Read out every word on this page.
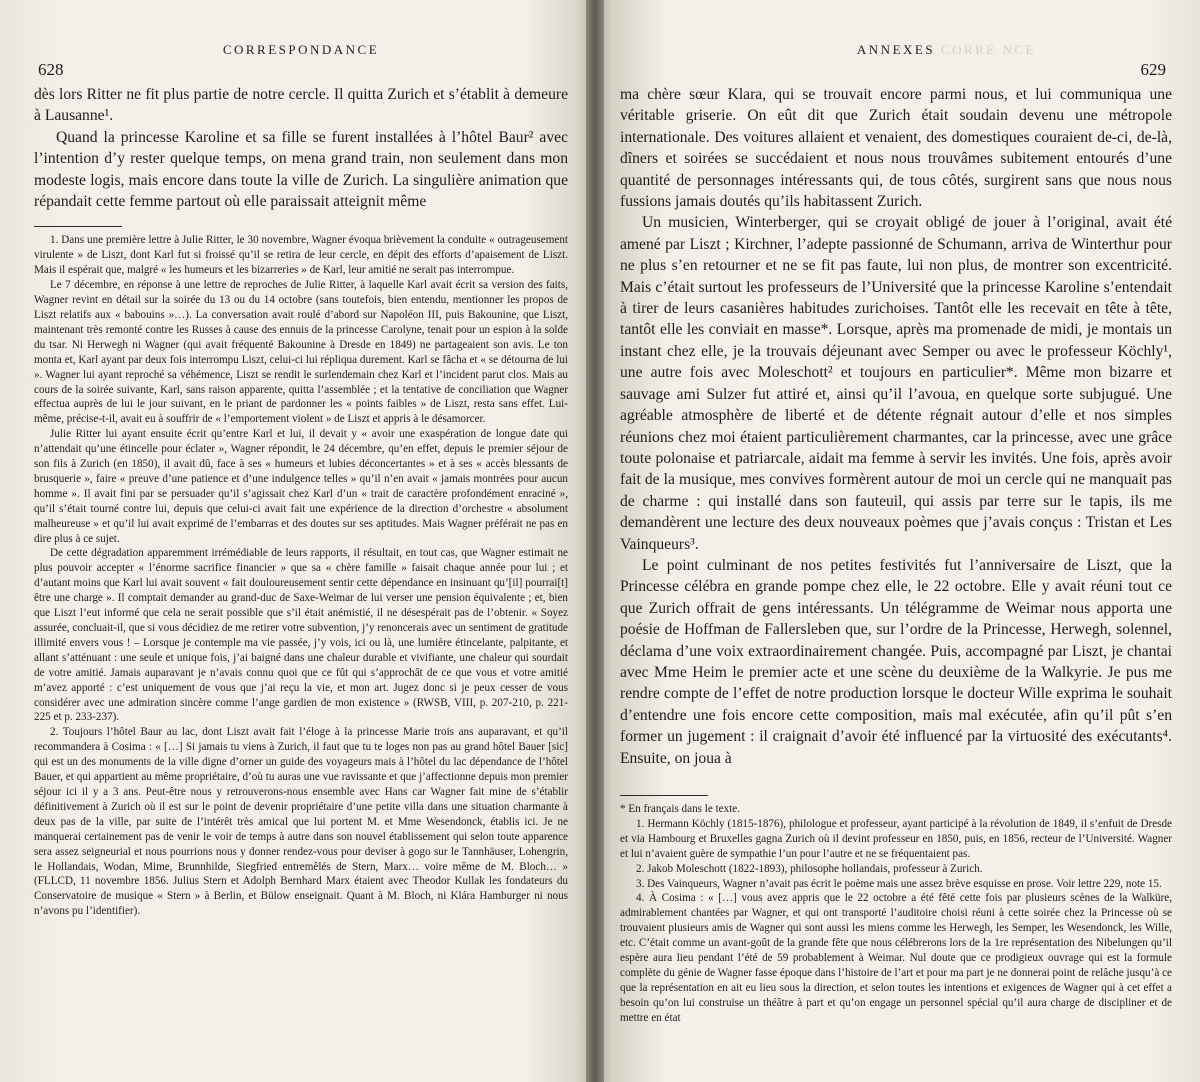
CORRESPONDANCE
628

dès lors Ritter ne fit plus partie de notre cercle. Il quitta Zurich et s’établit à demeure à Lausanne¹.

Quand la princesse Karoline et sa fille se furent installées à l’hôtel Baur² avec l’intention d’y rester quelque temps, on mena grand train, non seulement dans mon modeste logis, mais encore dans toute la ville de Zurich. La singulière animation que répandait cette femme partout où elle paraissait atteignit même

1. Dans une première lettre à Julie Ritter, le 30 novembre, Wagner évoqua brièvement la conduite « outrageusement virulente » de Liszt, dont Karl fut si froissé qu’il se retira de leur cercle, en dépit des efforts d’apaisement de Liszt. Mais il espérait que, malgré « les humeurs et les bizarreries » de Karl, leur amitié ne serait pas interrompue.

Le 7 décembre, en réponse à une lettre de reproches de Julie Ritter, à laquelle Karl avait écrit sa version des faits, Wagner revint en détail sur la soirée du 13 ou du 14 octobre (sans toutefois, bien entendu, mentionner les propos de Liszt relatifs aux « babouins »…). La conversation avait roulé d’abord sur Napoléon III, puis Bakounine, que Liszt, maintenant très remonté contre les Russes à cause des ennuis de la princesse Carolyne, tenait pour un espion à la solde du tsar. Ni Herwegh ni Wagner (qui avait fréquenté Bakounine à Dresde en 1849) ne partageaient son avis. Le ton monta et, Karl ayant par deux fois interrompu Liszt, celui-ci lui répliqua durement. Karl se fâcha et « se détourna de lui ». Wagner lui ayant reproché sa véhémence, Liszt se rendit le surlendemain chez Karl et l’incident parut clos. Mais au cours de la soirée suivante, Karl, sans raison apparente, quitta l’assemblée ; et la tentative de conciliation que Wagner effectua auprès de lui le jour suivant, en le priant de pardonner les « points faibles » de Liszt, resta sans effet. Lui-même, précise-t-il, avait eu à souffrir de « l’emportement violent » de Liszt et appris à le désamorcer.

Julie Ritter lui ayant ensuite écrit qu’entre Karl et lui, il devait y « avoir une exaspération de longue date qui n’attendait qu’une étincelle pour éclater », Wagner répondit, le 24 décembre, qu’en effet, depuis le premier séjour de son fils à Zurich (en 1850), il avait dû, face à ses « humeurs et lubies déconcertantes » et à ses « accès blessants de brusquerie », faire « preuve d’une patience et d’une indulgence telles » qu’il n’en avait « jamais montrées pour aucun homme ». Il avait fini par se persuader qu’il s’agissait chez Karl d’un « trait de caractère profondément enraciné », qu’il s’était tourné contre lui, depuis que celui-ci avait fait une expérience de la direction d’orchestre « absolument malheureuse » et qu’il lui avait exprimé de l’embarras et des doutes sur ses aptitudes. Mais Wagner préférait ne pas en dire plus à ce sujet.

De cette dégradation apparemment irrémédiable de leurs rapports, il résultait, en tout cas, que Wagner estimait ne plus pouvoir accepter « l’énorme sacrifice financier » que sa « chère famille » faisait chaque année pour lui ; et d’autant moins que Karl lui avait souvent « fait douloureusement sentir cette dépendance en insinuant qu’[il] pourrai[t] être une charge ». Il comptait demander au grand-duc de Saxe-Weimar de lui verser une pension équivalente ; et, bien que Liszt l’eut informé que cela ne serait possible que s’il était anémistié, il ne désespérait pas de l’obtenir. « Soyez assurée, concluait-il, que si vous décidiez de me retirer votre subvention, j’y renoncerais avec un sentiment de gratitude illimité envers vous ! – Lorsque je contemple ma vie passée, j’y vois, ici ou là, une lumière étincelante, palpitante, et allant s’atténuant : une seule et unique fois, j’ai baigné dans une chaleur durable et vivifiante, une chaleur qui sourdait de votre amitié. Jamais auparavant je n’avais connu quoi que ce fût qui s’approchât de ce que vous et votre amitié m’avez apporté : c’est uniquement de vous que j’ai reçu la vie, et mon art. Jugez donc si je peux cesser de vous considérer avec une admiration sincère comme l’ange gardien de mon existence » (RWSB, VIII, p. 207-210, p. 221-225 et p. 233-237).

2. Toujours l’hôtel Baur au lac, dont Liszt avait fait l’éloge à la princesse Marie trois ans auparavant, et qu’il recommandera à Cosima : « […] Si jamais tu viens à Zurich, il faut que tu te loges non pas au grand hôtel Bauer [sic] qui est un des monuments de la ville digne d’orner un guide des voyageurs mais à l’hôtel du lac dépendance de l’hôtel Bauer, et qui appartient au même propriétaire, d’où tu auras une vue ravissante et que j’affectionne depuis mon premier séjour ici il y a 3 ans. Peut-être nous y retrouverons-nous ensemble avec Hans car Wagner fait mine de s’établir définitivement à Zurich où il est sur le point de devenir propriétaire d’une petite villa dans une situation charmante à deux pas de la ville, par suite de l’intérêt très amical que lui portent M. et Mme Wesendonck, établis ici. Je ne manquerai certainement pas de venir le voir de temps à autre dans son nouvel établissement qui selon toute apparence sera assez seigneurial et nous pourrions nous y donner rendez-vous pour deviser à gogo sur le Tannhäuser, Lohengrin, le Hollandais, Wodan, Mime, Brunnhilde, Siegfried entremêlés de Stern, Marx… voire même de M. Bloch… » (FLLCD, 11 novembre 1856. Julius Stern et Adolph Bernhard Marx étaient avec Theodor Kullak les fondateurs du Conservatoire de musique « Stern » à Berlin, et Bülow enseignait. Quant à M. Bloch, ni Klára Hamburger ni nous n’avons pu l’identifier).

CORRE NCE
ANNEXES
629

ma chère sœur Klara, qui se trouvait encore parmi nous, et lui communiqua une véritable griserie. On eût dit que Zurich était soudain devenu une métropole internationale. Des voitures allaient et venaient, des domestiques couraient de-ci, de-là, dîners et soirées se succédaient et nous nous trouvâmes subitement entourés d’une quantité de personnages intéressants qui, de tous côtés, surgirent sans que nous nous fussions jamais doutés qu’ils habitassent Zurich.

Un musicien, Winterberger, qui se croyait obligé de jouer à l’original, avait été amené par Liszt ; Kirchner, l’adepte passionné de Schumann, arriva de Winterthur pour ne plus s’en retourner et ne se fit pas faute, lui non plus, de montrer son excentricité. Mais c’était surtout les professeurs de l’Université que la princesse Karoline s’entendait à tirer de leurs casanières habitudes zurichoises. Tantôt elle les recevait en tête à tête, tantôt elle les conviait en masse*. Lorsque, après ma promenade de midi, je montais un instant chez elle, je la trouvais déjeunant avec Semper ou avec le professeur Köchly¹, une autre fois avec Moleschott² et toujours en particulier*. Même mon bizarre et sauvage ami Sulzer fut attiré et, ainsi qu’il l’avoua, en quelque sorte subjugué. Une agréable atmosphère de liberté et de détente régnait autour d’elle et nos simples réunions chez moi étaient particulièrement charmantes, car la princesse, avec une grâce toute polonaise et patriarcale, aidait ma femme à servir les invités. Une fois, après avoir fait de la musique, mes convives formèrent autour de moi un cercle qui ne manquait pas de charme : qui installé dans son fauteuil, qui assis par terre sur le tapis, ils me demandèrent une lecture des deux nouveaux poèmes que j’avais conçus : Tristan et Les Vainqueurs³.

Le point culminant de nos petites festivités fut l’anniversaire de Liszt, que la Princesse célébra en grande pompe chez elle, le 22 octobre. Elle y avait réuni tout ce que Zurich offrait de gens intéressants. Un télégramme de Weimar nous apporta une poésie de Hoffman de Fallersleben que, sur l’ordre de la Princesse, Herwegh, solennel, déclama d’une voix extraordinairement changée. Puis, accompagné par Liszt, je chantai avec Mme Heim le premier acte et une scène du deuxième de la Walkyrie. Je pus me rendre compte de l’effet de notre production lorsque le docteur Wille exprima le souhait d’entendre une fois encore cette composition, mais mal exécutée, afin qu’il pût s’en former un jugement : il craignait d’avoir été influencé par la virtuosité des exécutants⁴. Ensuite, on joua à

* En français dans le texte.

1. Hermann Köchly (1815-1876), philologue et professeur, ayant participé à la révolution de 1849, il s’enfuit de Dresde et via Hambourg et Bruxelles gagna Zurich où il devint professeur en 1850, puis, en 1856, recteur de l’Université. Wagner et lui n’avaient guère de sympathie l’un pour l’autre et ne se fréquentaient pas.

2. Jakob Moleschott (1822-1893), philosophe hollandais, professeur à Zurich.

3. Des Vainqueurs, Wagner n’avait pas écrit le poème mais une assez brève esquisse en prose. Voir lettre 229, note 15.

4. À Cosima : « […] vous avez appris que le 22 octobre a été fêté cette fois par plusieurs scènes de la Walküre, admirablement chantées par Wagner, et qui ont transporté l’auditoire choisi réuni à cette soirée chez la Princesse où se trouvaient plusieurs amis de Wagner qui sont aussi les miens comme les Herwegh, les Semper, les Wesendonck, les Wille, etc. C’était comme un avant-goût de la grande fête que nous célébrerons lors de la 1re représentation des Nibelungen qu’il espère aura lieu pendant l’été de 59 probablement à Weimar. Nul doute que ce prodigieux ouvrage qui est la formule complète du génie de Wagner fasse époque dans l’histoire de l’art et pour ma part je ne donnerai point de relâche jusqu’à ce que la représentation en ait eu lieu sous la direction, et selon toutes les intentions et exigences de Wagner qui à cet effet a besoin qu’on lui construise un théâtre à part et qu’on engage un personnel spécial qu’il aura charge de discipliner et de mettre en état
